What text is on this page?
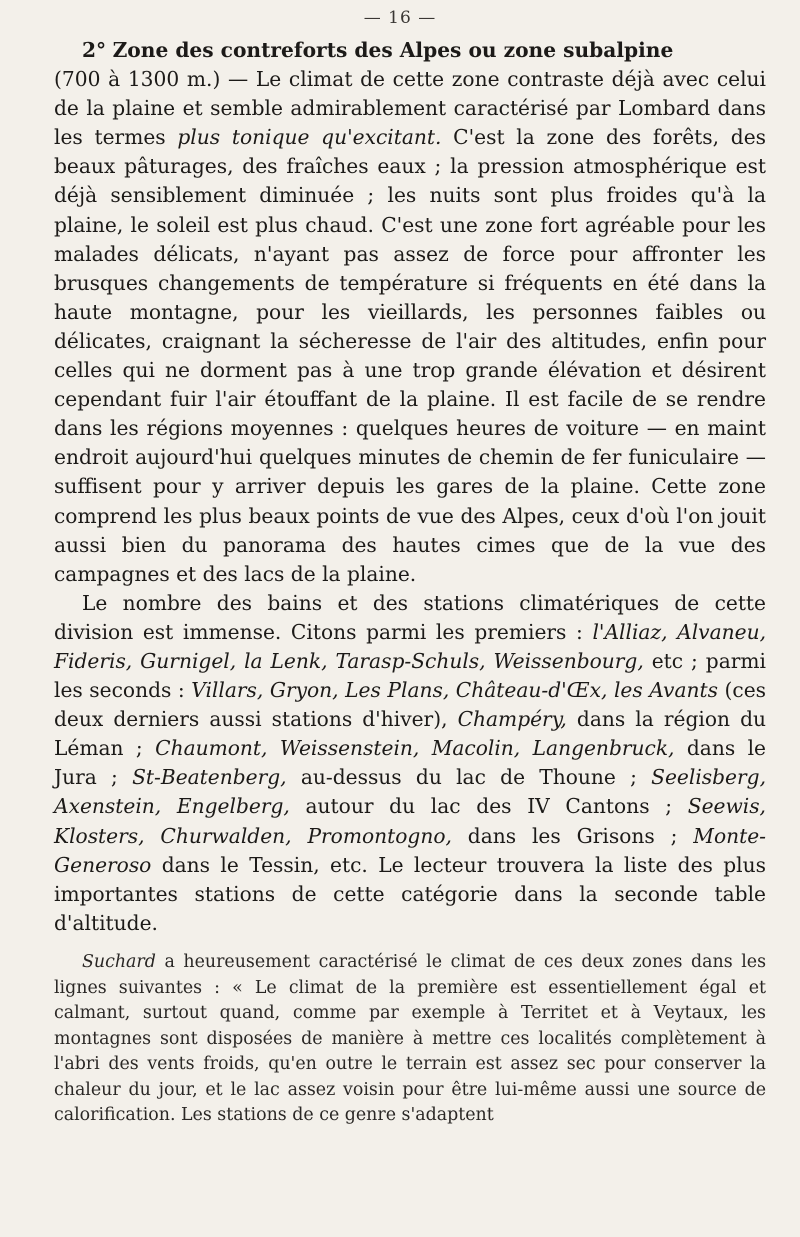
— 16 —

2° Zone des contreforts des Alpes ou zone subalpine
(700 à 1300 m.) — Le climat de cette zone contraste déjà avec celui de la plaine et semble admirablement caractérisé par Lombard dans les termes plus tonique qu'excitant. C'est la zone des forêts, des beaux pâturages, des fraîches eaux ; la pression atmosphérique est déjà sensiblement diminuée ; les nuits sont plus froides qu'à la plaine, le soleil est plus chaud. C'est une zone fort agréable pour les malades délicats, n'ayant pas assez de force pour affronter les brusques changements de température si fréquents en été dans la haute montagne, pour les vieillards, les personnes faibles ou délicates, craignant la sécheresse de l'air des altitudes, enfin pour celles qui ne dorment pas à une trop grande élévation et désirent cependant fuir l'air étouffant de la plaine. Il est facile de se rendre dans les régions moyennes : quelques heures de voiture — en maint endroit aujourd'hui quelques minutes de chemin de fer funiculaire — suffisent pour y arriver depuis les gares de la plaine. Cette zone comprend les plus beaux points de vue des Alpes, ceux d'où l'on jouit aussi bien du panorama des hautes cimes que de la vue des campagnes et des lacs de la plaine.

Le nombre des bains et des stations climatériques de cette division est immense. Citons parmi les premiers : l'Alliaz, Alvaneu, Fideris, Gurnigel, la Lenk, Tarasp-Schuls, Weissenbourg, etc ; parmi les seconds : Villars, Gryon, Les Plans, Château-d'Œx, les Avants (ces deux derniers aussi stations d'hiver), Champéry, dans la région du Léman ; Chaumont, Weissenstein, Macolin, Langenbruck, dans le Jura ; St-Beatenberg, au-dessus du lac de Thoune ; Seelisberg, Axenstein, Engelberg, autour du lac des IV Cantons ; Seewis, Klosters, Churwalden, Promontogno, dans les Grisons ; Monte-Generoso dans le Tessin, etc. Le lecteur trouvera la liste des plus importantes stations de cette catégorie dans la seconde table d'altitude.

Suchard a heureusement caractérisé le climat de ces deux zones dans les lignes suivantes : « Le climat de la première est essentiellement égal et calmant, surtout quand, comme par exemple à Territet et à Veytaux, les montagnes sont disposées de manière à mettre ces localités complètement à l'abri des vents froids, qu'en outre le terrain est assez sec pour conserver la chaleur du jour, et le lac assez voisin pour être lui-même aussi une source de calorification. Les stations de ce genre s'adaptent
